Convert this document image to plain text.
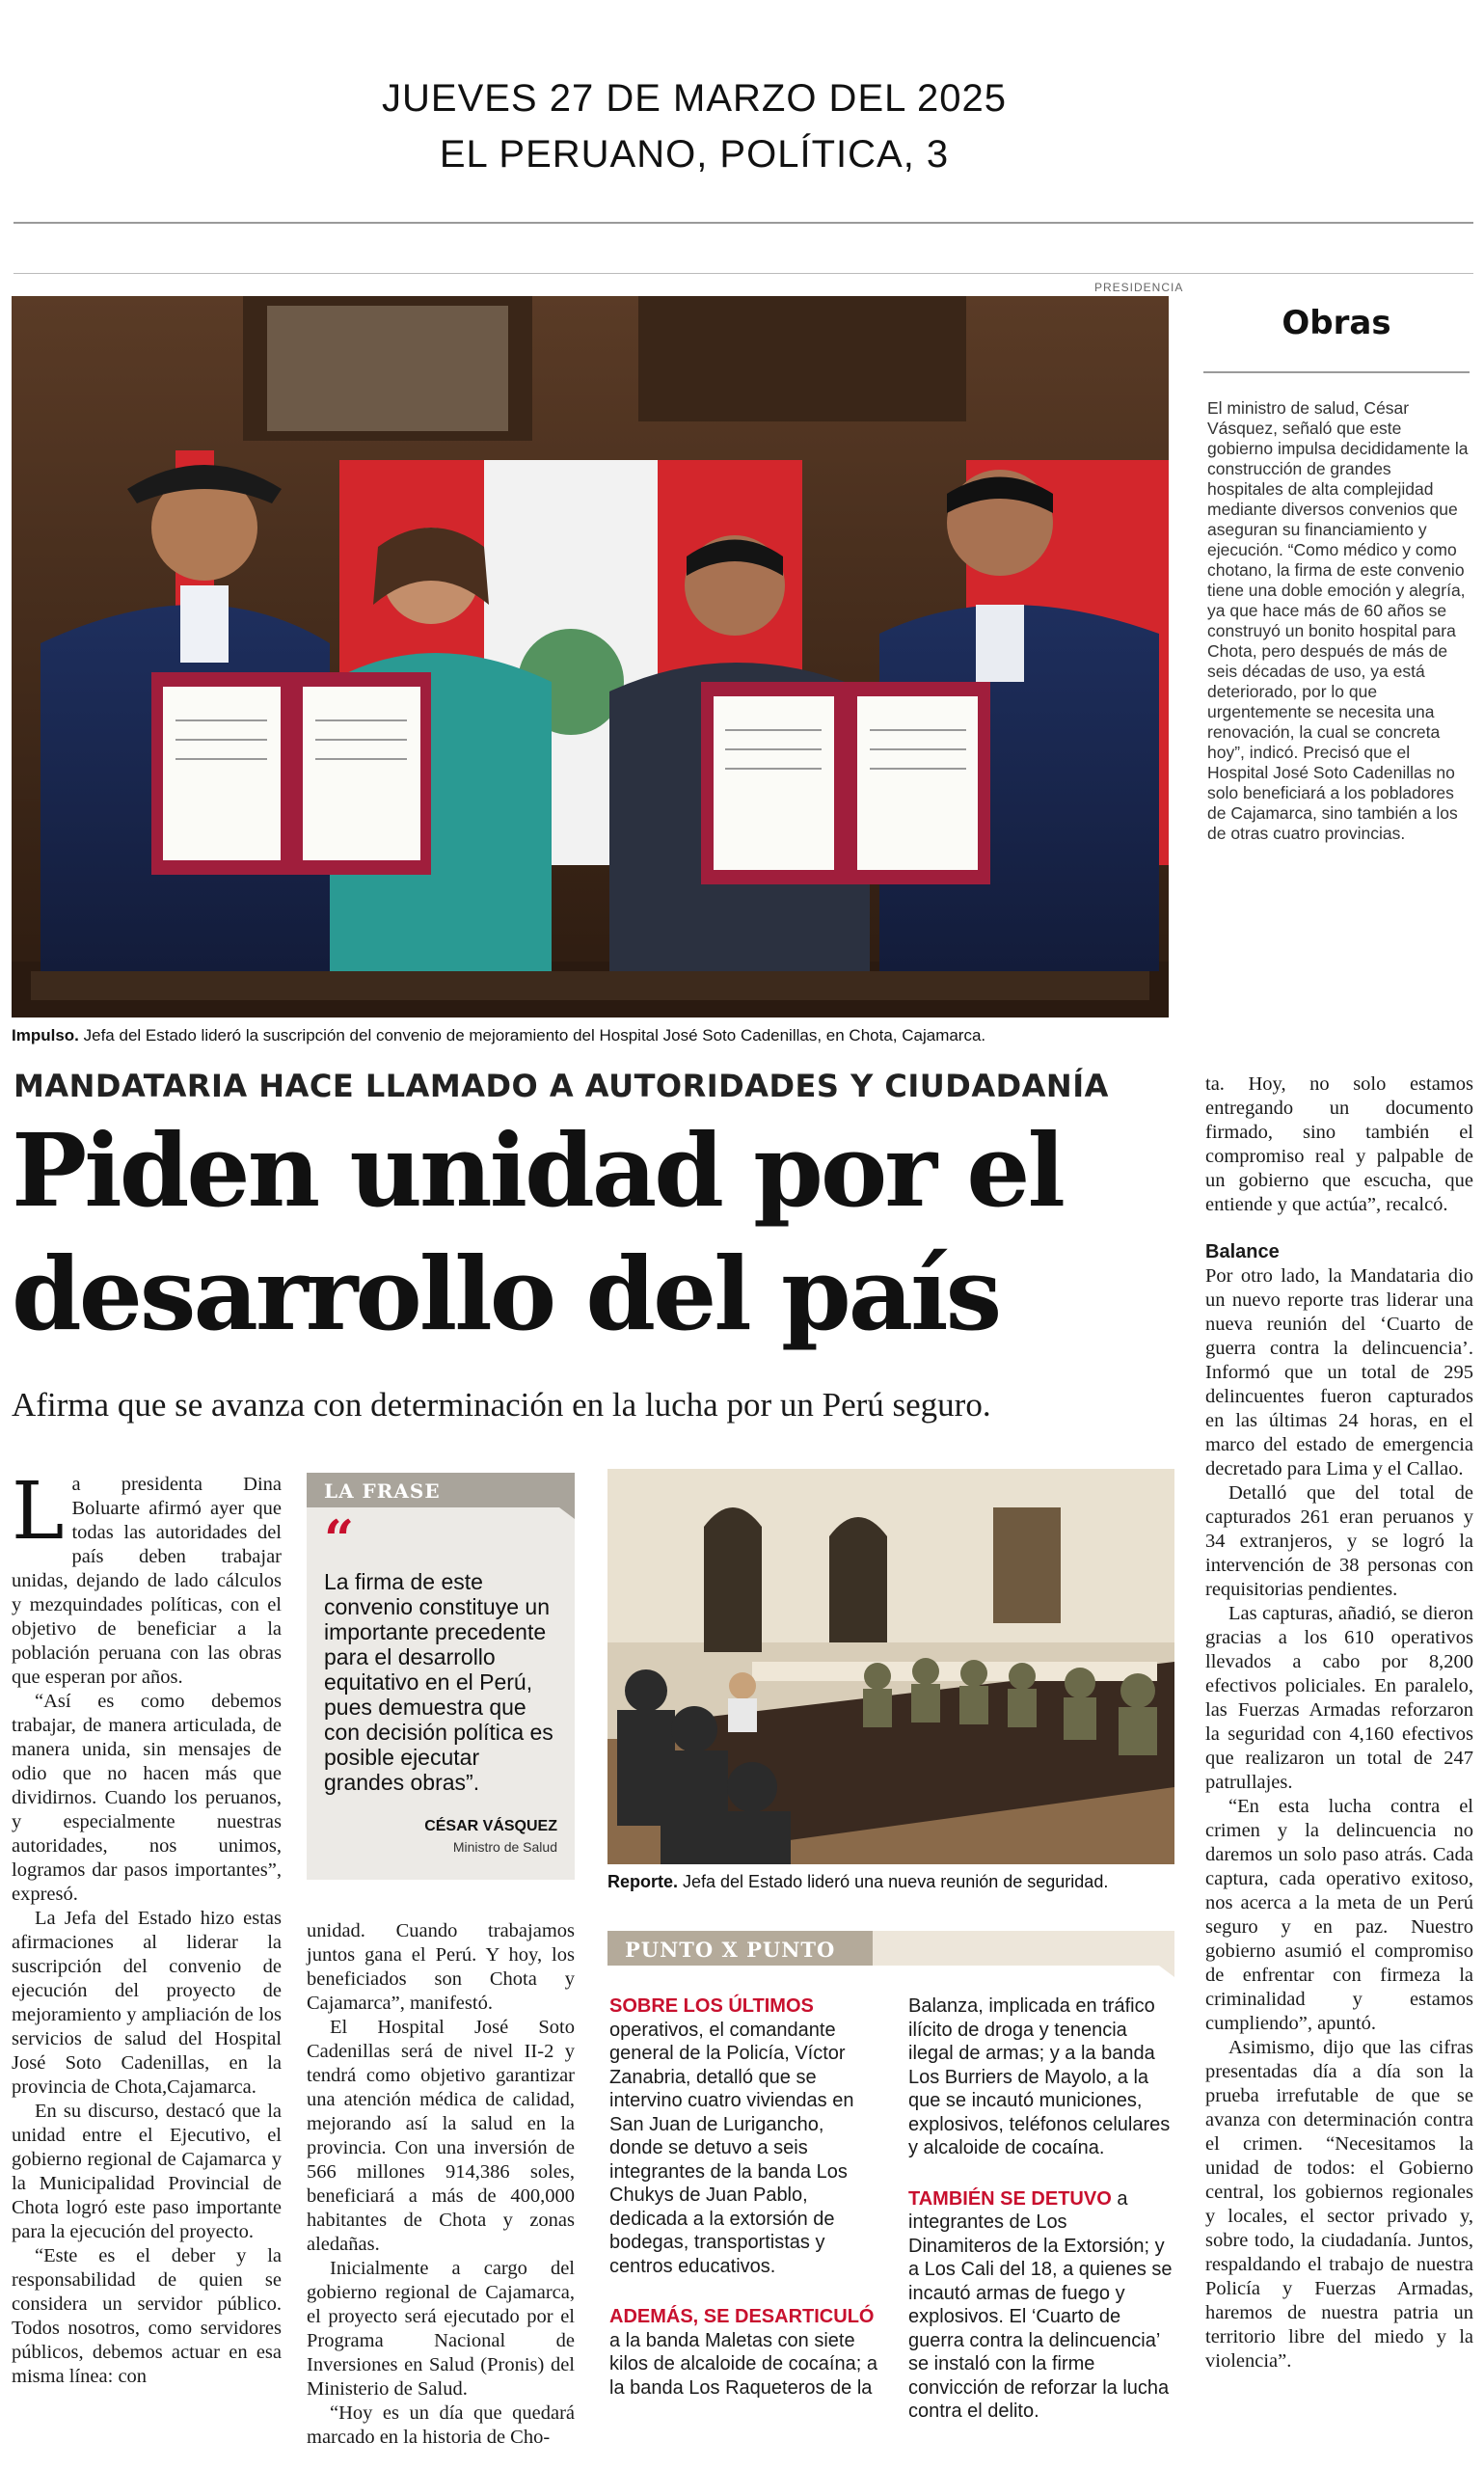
JUEVES 27 DE MARZO DEL 2025
EL PERUANO, POLÍTICA, 3
PRESIDENCIA
Impulso. Jefa del Estado lideró la suscripción del convenio de mejoramiento del Hospital José Soto Cadenillas, en Chota, Cajamarca.
Obras
El ministro de salud, César Vásquez, señaló que este gobierno impulsa decididamente la construcción de grandes hospitales de alta complejidad mediante diversos convenios que aseguran su financiamiento y ejecución. “Como médico y como chotano, la firma de este convenio tiene una doble emoción y alegría, ya que hace más de 60 años se construyó un bonito hospital para Chota, pero después de más de seis décadas de uso, ya está deteriorado, por lo que urgentemente se necesita una renovación, la cual se concreta hoy”, indicó. Precisó que el Hospital José Soto Cadenillas no solo beneficiará a los pobladores de Cajamarca, sino también a los de otras cuatro provincias.
MANDATARIA HACE LLAMADO A AUTORIDADES Y CIUDADANÍA
Piden unidad por el
desarrollo del país
Afirma que se avanza con determinación en la lucha por un Perú seguro.
L a presidenta Dina Boluarte afirmó ayer que todas las autoridades del país deben trabajar unidas, dejando de lado cálculos y mezquindades políticas, con el objetivo de beneficiar a la población peruana con las obras que esperan por años.

“Así es como debemos trabajar, de manera articulada, de manera unida, sin mensajes de odio que no hacen más que dividirnos. Cuando los peruanos, y especialmente nuestras autoridades, nos unimos, logramos dar pasos importantes”, expresó.

La Jefa del Estado hizo estas afirmaciones al liderar la suscripción del convenio de ejecución del proyecto de mejoramiento y ampliación de los servicios de salud del Hospital José Soto Cadenillas, en la provincia de Chota,Cajamarca.

En su discurso, destacó que la unidad entre el Ejecutivo, el gobierno regional de Cajamarca y la Municipalidad Provincial de Chota logró este paso importante para la ejecución del proyecto.

“Este es el deber y la responsabilidad de quien se considera un servidor público. Todos nosotros, como servidores públicos, debemos actuar en esa misma línea: con

LA FRASE
“
La firma de este convenio constituye un importante precedente para el desarrollo equitativo en el Perú, pues demuestra que con decisión política es posible ejecutar grandes obras”.
CÉSAR VÁSQUEZ
Ministro de Salud

unidad. Cuando trabajamos juntos gana el Perú. Y hoy, los beneficiados son Chota y Cajamarca”, manifestó.

El Hospital José Soto Cadenillas será de nivel II-2 y tendrá como objetivo garantizar una atención médica de calidad, mejorando así la salud en la provincia. Con una inversión de 566 millones 914,386 soles, beneficiará a más de 400,000 habitantes de Chota y zonas aledañas.

Inicialmente a cargo del gobierno regional de Cajamarca, el proyecto será ejecutado por el Programa Nacional de Inversiones en Salud (Pronis) del Ministerio de Salud.

“Hoy es un día que quedará marcado en la historia de Cho-

Reporte. Jefa del Estado lideró una nueva reunión de seguridad.
PUNTO X PUNTO
SOBRE LOS ÚLTIMOS operativos, el comandante general de la Policía, Víctor Zanabria, detalló que se intervino cuatro viviendas en San Juan de Lurigancho, donde se detuvo a seis integrantes de la banda Los Chukys de Juan Pablo, dedicada a la extorsión de bodegas, transportistas y centros educativos.
ADEMÁS, SE DESARTICULÓ a la banda Maletas con siete kilos de alcaloide de cocaína; a la banda Los Raqueteros de la
Balanza, implicada en tráfico ilícito de droga y tenencia ilegal de armas; y a la banda Los Burriers de Mayolo, a la que se incautó municiones, explosivos, teléfonos celulares y alcaloide de cocaína.
TAMBIÉN SE DETUVO a integrantes de Los Dinamiteros de la Extorsión; y a Los Cali del 18, a quienes se incautó armas de fuego y explosivos. El ‘Cuarto de guerra contra la delincuencia’ se instaló con la firme convicción de reforzar la lucha contra el delito.

ta. Hoy, no solo estamos entregando un documento firmado, sino también el compromiso real y palpable de un gobierno que escucha, que entiende y que actúa”, recalcó.

Balance

Por otro lado, la Mandataria dio un nuevo reporte tras liderar una nueva reunión del ‘Cuarto de guerra contra la delincuencia’. Informó que un total de 295 delincuentes fueron capturados en las últimas 24 horas, en el marco del estado de emergencia decretado para Lima y el Callao.

Detalló que del total de capturados 261 eran peruanos y 34 extranjeros, y se logró la intervención de 38 personas con requisitorias pendientes.

Las capturas, añadió, se dieron gracias a los 610 operativos llevados a cabo por 8,200 efectivos policiales. En paralelo, las Fuerzas Armadas reforzaron la seguridad con 4,160 efectivos que realizaron un total de 247 patrullajes.

“En esta lucha contra el crimen y la delincuencia no daremos un solo paso atrás. Cada captura, cada operativo exitoso, nos acerca a la meta de un Perú seguro y en paz. Nuestro gobierno asumió el compromiso de enfrentar con firmeza la criminalidad y estamos cumpliendo”, apuntó.

Asimismo, dijo que las cifras presentadas día a día son la prueba irrefutable de que se avanza con determinación contra el crimen. “Necesitamos la unidad de todos: el Gobierno central, los gobiernos regionales y locales, el sector privado y, sobre todo, la ciudadanía. Juntos, respaldando el trabajo de nuestra Policía y Fuerzas Armadas, haremos de nuestra patria un territorio libre del miedo y la violencia”.
